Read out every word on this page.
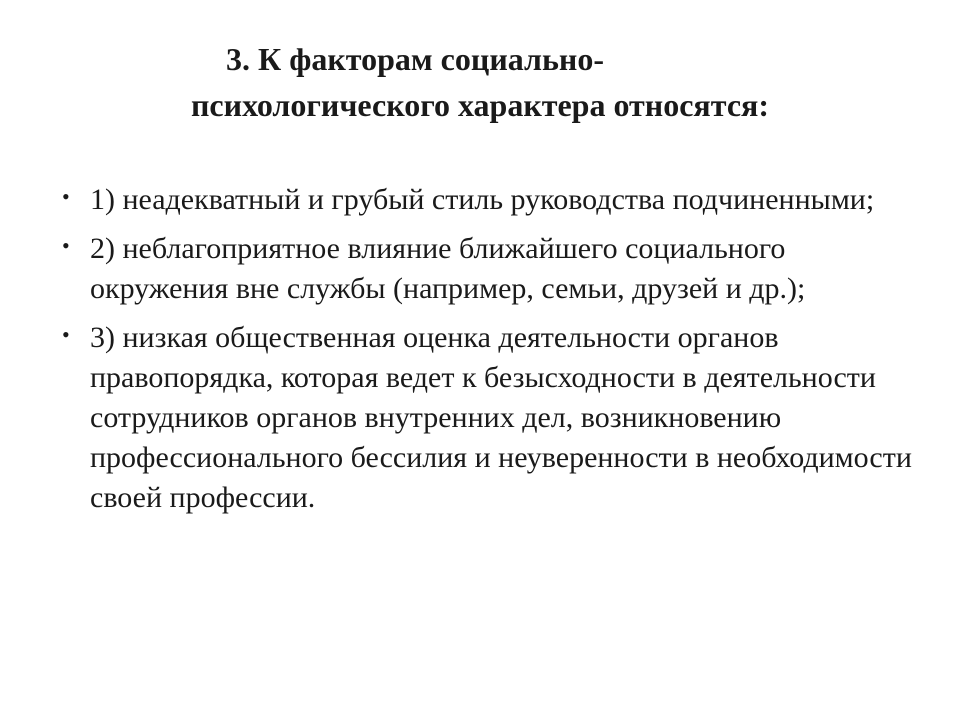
3. К факторам социально-
психологического характера относятся:
• 1) неадекватный и грубый стиль руководства подчиненными;
• 2) неблагоприятное влияние ближайшего социального окружения вне службы (например, семьи, друзей и др.);
• 3) низкая общественная оценка деятельности органов правопорядка, которая ведет к безысходности в деятельности сотрудников органов внутренних дел, возникновению профессионального бессилия и неуверенности в необходимости своей профессии.
